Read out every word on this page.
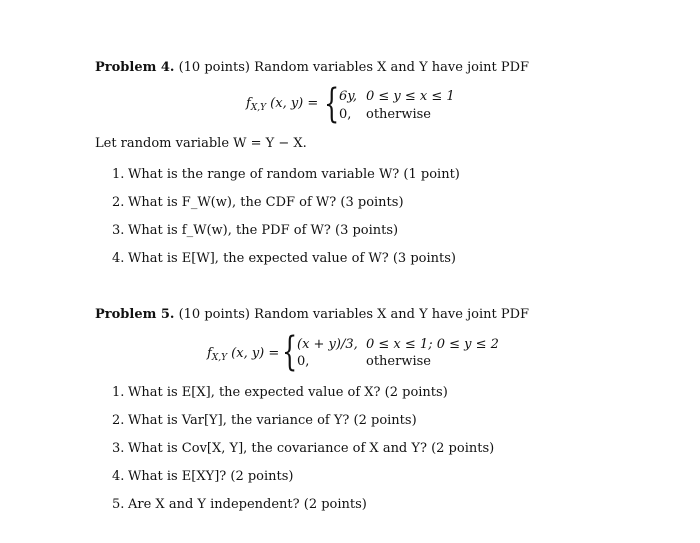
Problem 4. (10 points) Random variables X and Y have joint PDF
$f_{X,Y}$ (x, y) = { 6y, 0 ≤ y ≤ x ≤ 1
0, otherwise
Let random variable W = Y − X.
1. What is the range of random variable W? (1 point)
2. What is F_W(w), the CDF of W? (3 points)
3. What is f_W(w), the PDF of W? (3 points)
4. What is E[W], the expected value of W? (3 points)
Problem 5. (10 points) Random variables X and Y have joint PDF
$f_{X,Y}$ (x, y) = { (x + y)/3, 0 ≤ x ≤ 1; 0 ≤ y ≤ 2
0,	otherwise
1. What is E[X], the expected value of X? (2 points)
2. What is Var[Y], the variance of Y? (2 points)
3. What is Cov[X, Y], the covariance of X and Y? (2 points)
4. What is E[XY]? (2 points)
5. Are X and Y independent? (2 points)
